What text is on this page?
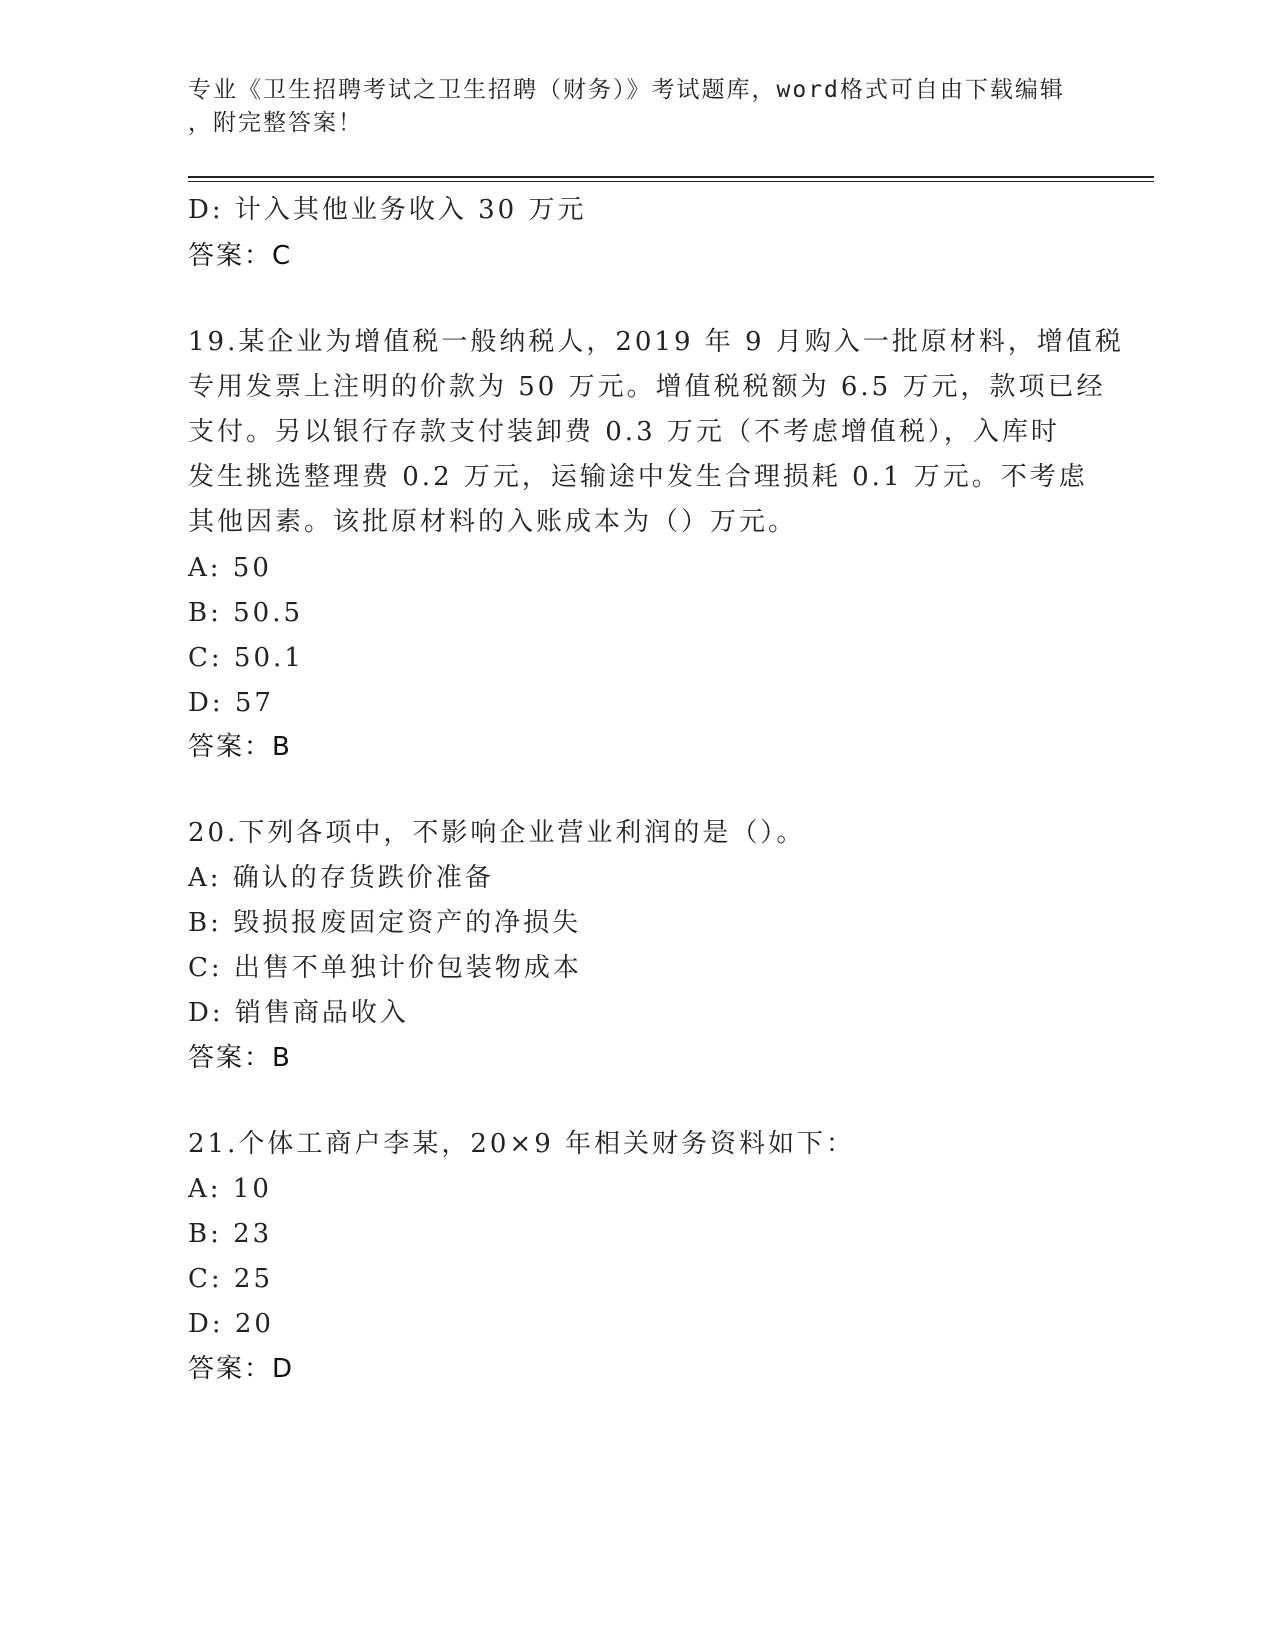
专业《卫生招聘考试之卫生招聘（财务）》考试题库，word格式可自由下载编辑
，附完整答案！
D: 计入其他业务收入 30 万元
答案：C
19.某企业为增值税一般纳税人，2019 年 9 月购入一批原材料，增值税
专用发票上注明的价款为 50 万元。增值税税额为 6.5 万元，款项已经
支付。另以银行存款支付装卸费 0.3 万元（不考虑增值税），入库时
发生挑选整理费 0.2 万元，运输途中发生合理损耗 0.1 万元。不考虑
其他因素。该批原材料的入账成本为（）万元。
A: 50
B: 50.5
C: 50.1
D: 57
答案：B
20.下列各项中，不影响企业营业利润的是（）。
A: 确认的存货跌价准备
B: 毁损报废固定资产的净损失
C: 出售不单独计价包装物成本
D: 销售商品收入
答案：B
21.个体工商户李某，20×9 年相关财务资料如下：
A: 10
B: 23
C: 25
D: 20
答案：D
